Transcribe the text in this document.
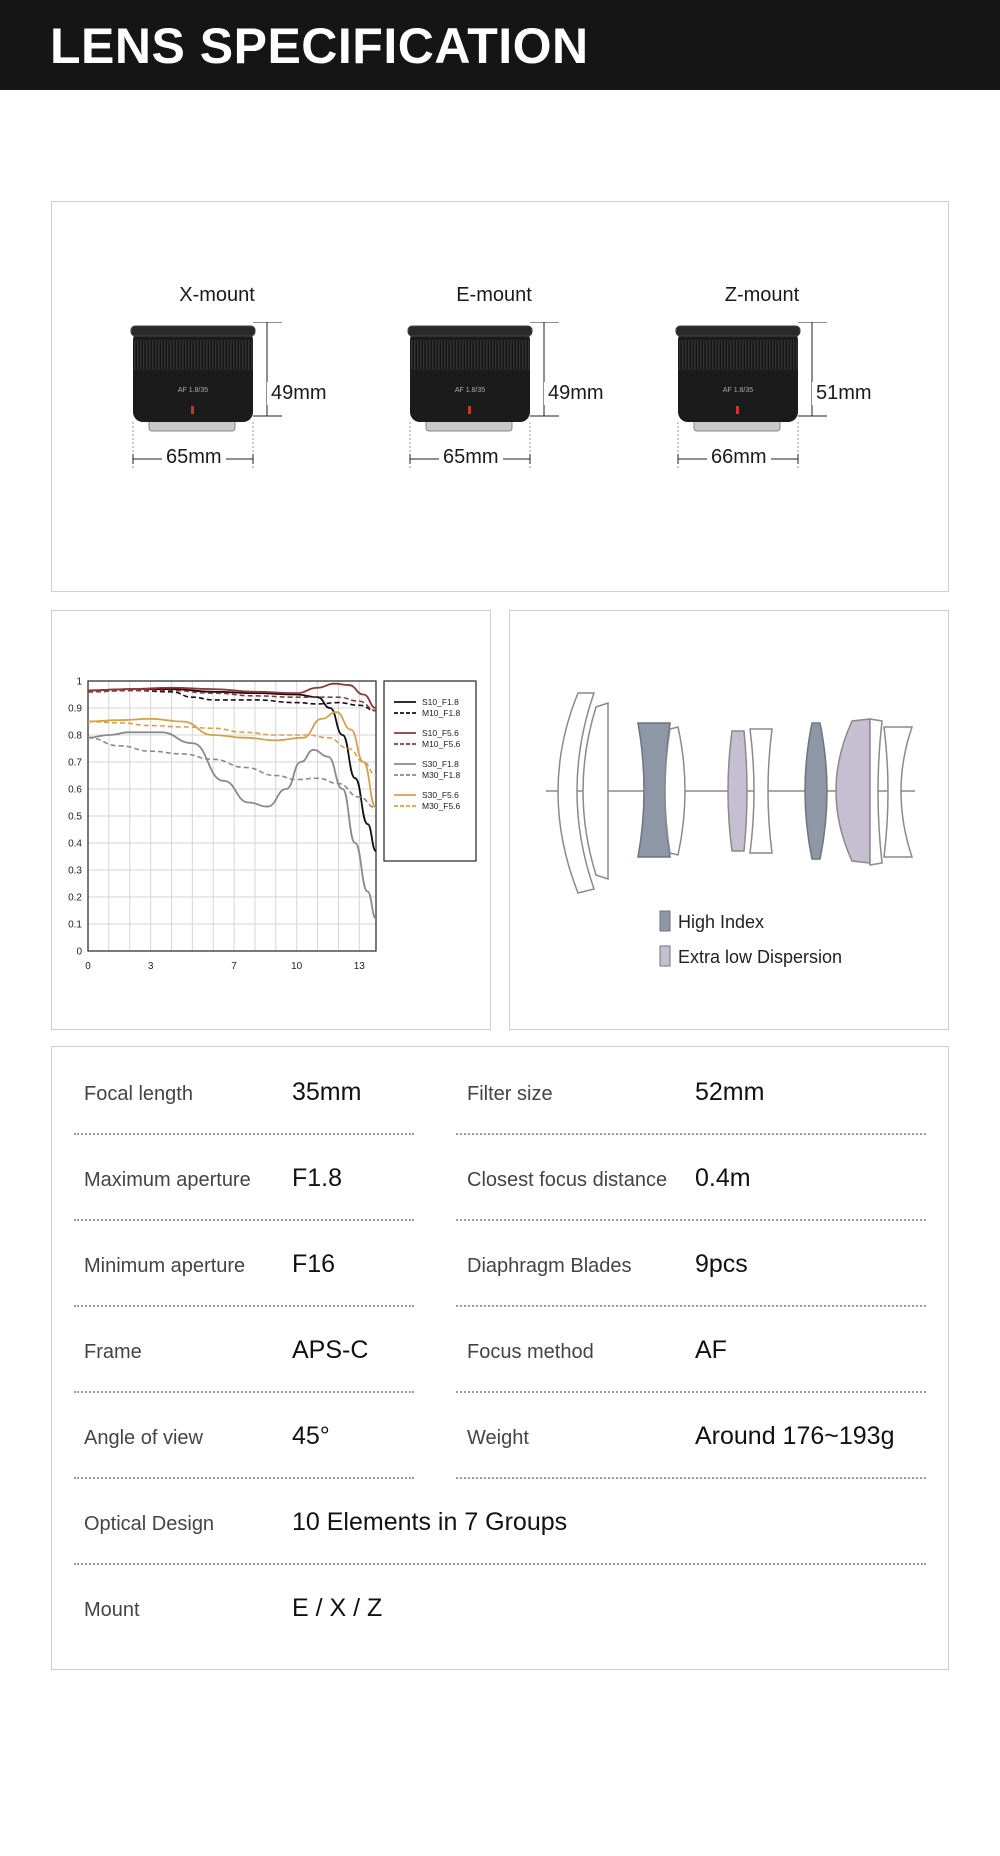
LENS SPECIFICATION
X-mount
AF 1.8/35	49mm
65mm
E-mount
AF 1.8/35	49mm
65mm
Z-mount
AF 1.8/35	51mm
66mm
0
0.1
0.2
0.3
0.4
0.5
0.6
0.7
0.8
0.9
1
0	3	7	10	13
S10_F1.8
M10_F1.8
S10_F5.6
M10_F5.6
S30_F1.8
M30_F1.8
S30_F5.6
M30_F5.6
High Index
Extra low Dispersion
Focal length	35mm	Filter size	52mm
Maximum aperture F1.8	Closest focus distance 0.4m
Minimum aperture F16	Diaphragm Blades	9pcs
Frame	APS-C	Focus method	AF
Angle of view	45°	Weight	Around 176~193g
Optical Design	10 Elements in 7 Groups
Mount	E / X / Z
